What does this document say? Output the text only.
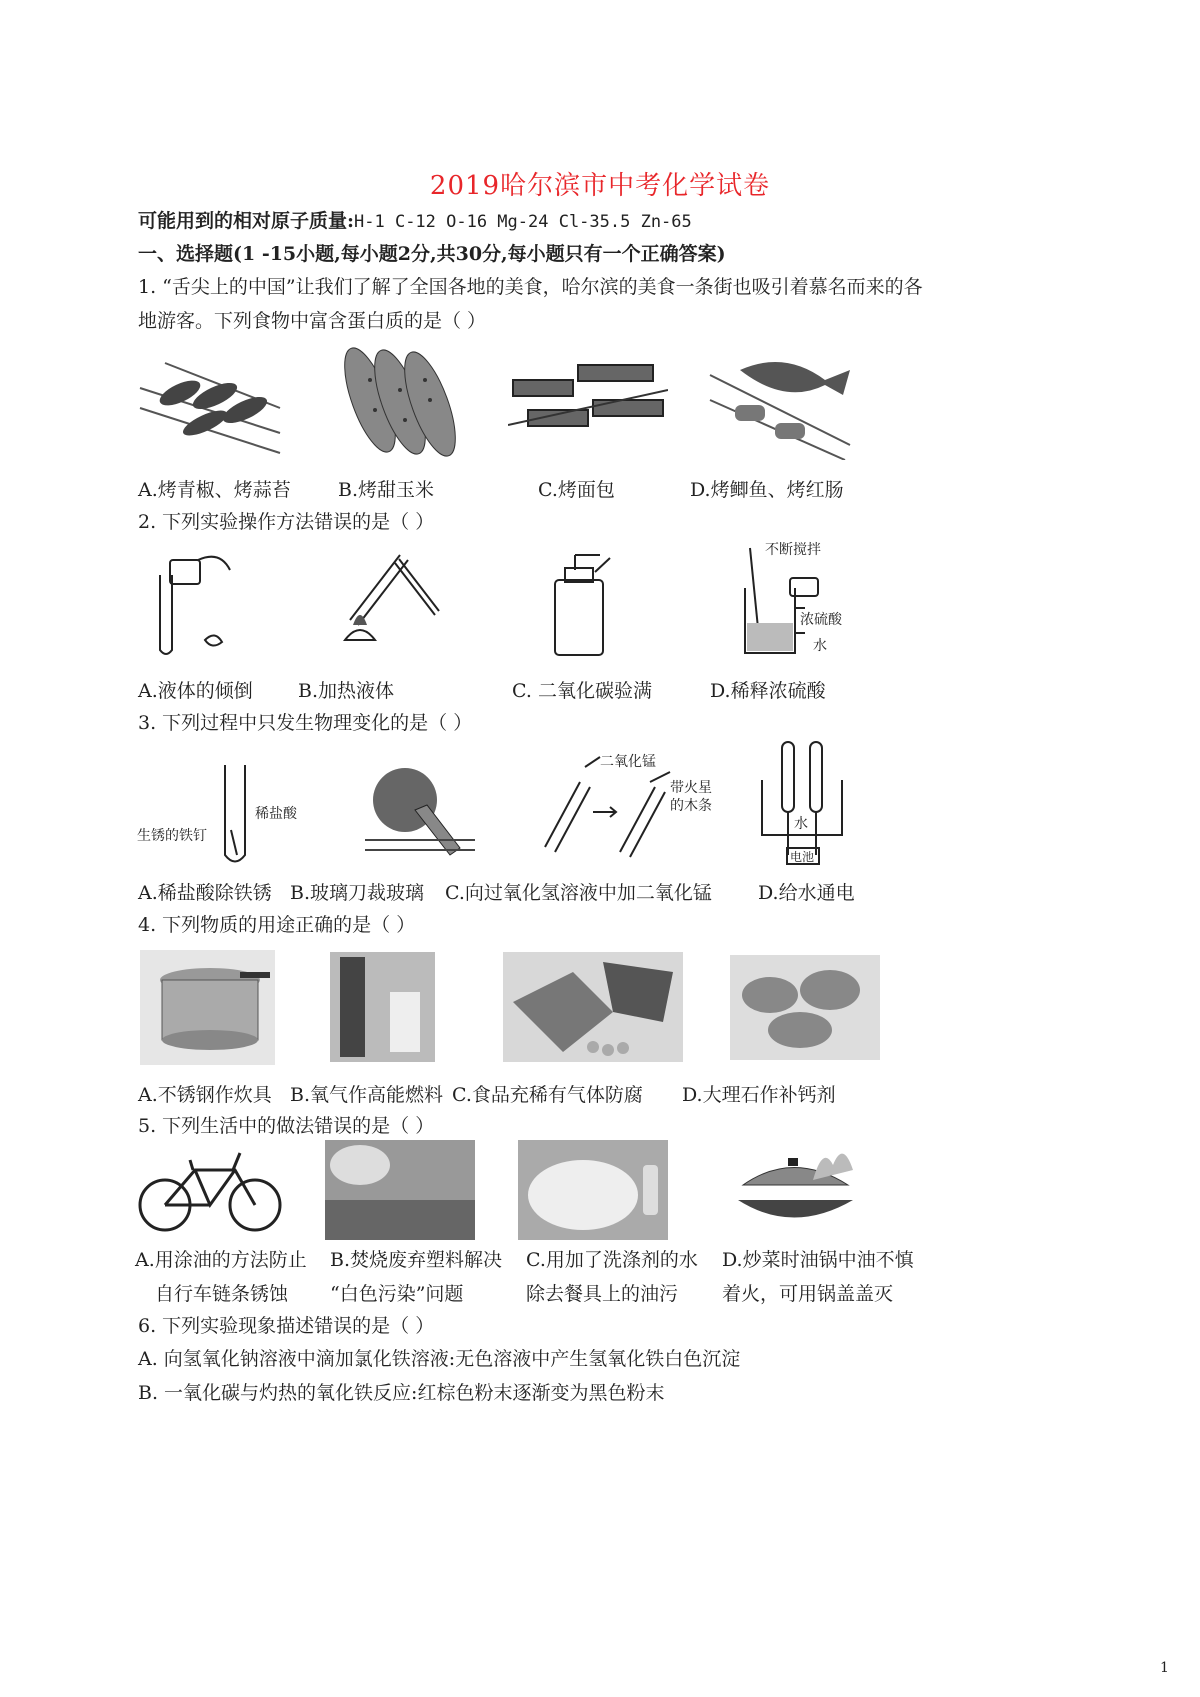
2019哈尔滨市中考化学试卷
可能用到的相对原子质量:H-1 C-12 O-16 Mg-24 Cl-35.5 Zn-65
一、选择题(1 -15小题,每小题2分,共30分,每小题只有一个正确答案)
1. “舌尖上的中国”让我们了解了全国各地的美食，哈尔滨的美食一条街也吸引着慕名而来的各
地游客。下列食物中富含蛋白质的是（ ）
A.烤青椒、烤蒜苔 B.烤甜玉米	C.烤面包	D.烤鲫鱼、烤红肠
2. 下列实验操作方法错误的是（ ）
不断搅拌
浓硫酸
水
A.液体的倾倒 B.加热液体	C. 二氧化碳验满	D.稀释浓硫酸
3. 下列过程中只发生物理变化的是（ ）
稀盐酸
生锈的铁钉
二氧化锰
带火星
的木条
水
电池
A.稀盐酸除铁锈 B.玻璃刀裁玻璃 C.向过氧化氢溶液中加二氧化锰 D.给水通电
4. 下列物质的用途正确的是（ ）
A.不锈钢作炊具 B.氧气作高能燃料 C.食品充稀有气体防腐 D.大理石作补钙剂
5. 下列生活中的做法错误的是（ ）
A.用涂油的方法防止
自行车链条锈蚀
B.焚烧废弃塑料解决
“白色污染”问题
C.用加了洗涤剂的水
除去餐具上的油污
D.炒菜时油锅中油不慎
着火，可用锅盖盖灭
6. 下列实验现象描述错误的是（ ）
A. 向氢氧化钠溶液中滴加氯化铁溶液:无色溶液中产生氢氧化铁白色沉淀
B. 一氧化碳与灼热的氧化铁反应:红棕色粉末逐渐变为黑色粉末
1
